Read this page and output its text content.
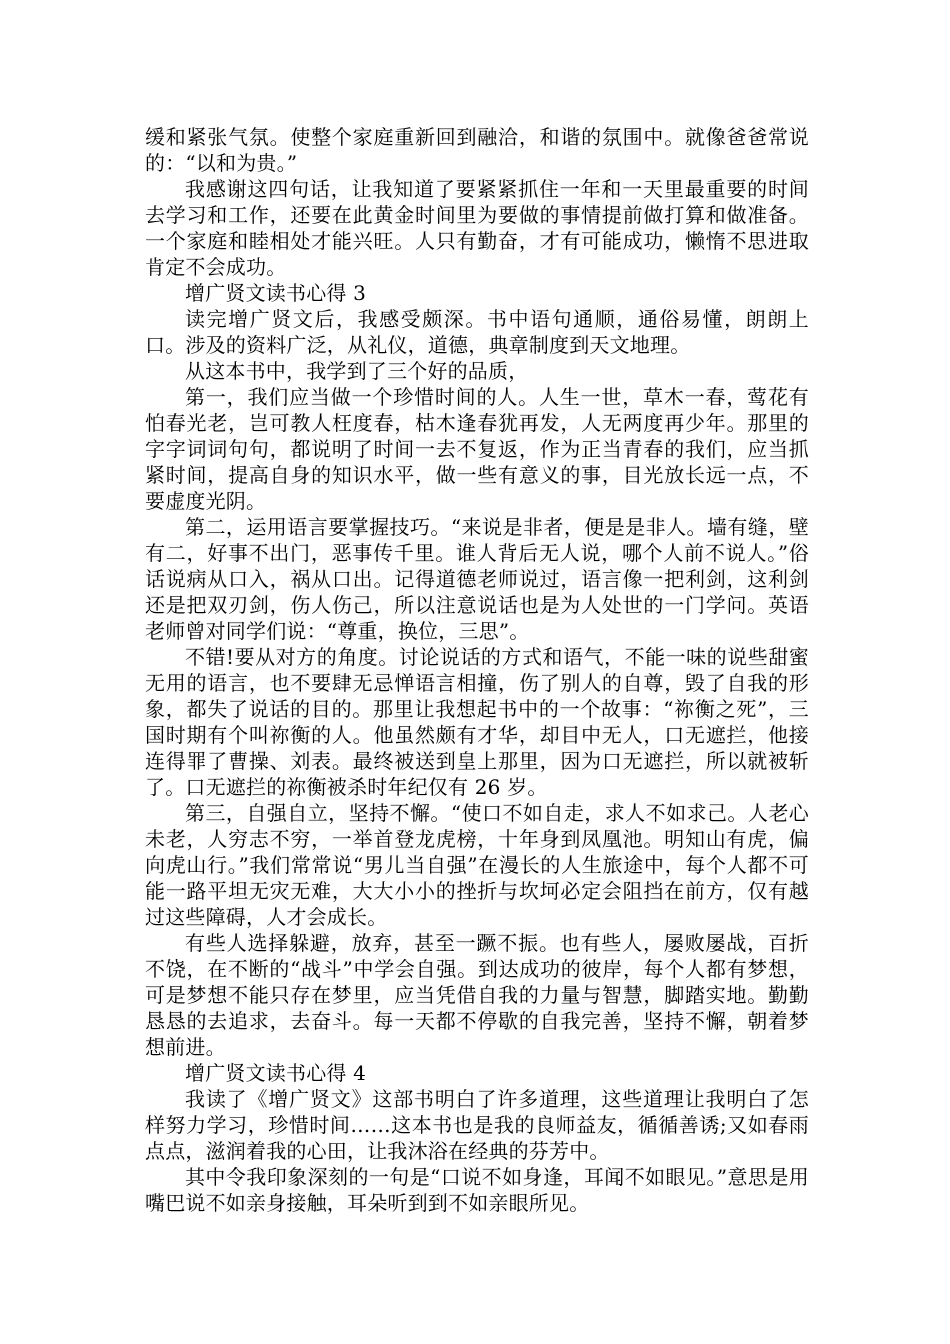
缓和紧张气氛。使整个家庭重新回到融洽，和谐的氛围中。就像爸爸常说的：“以和为贵。”

我感谢这四句话，让我知道了要紧紧抓住一年和一天里最重要的时间去学习和工作，还要在此黄金时间里为要做的事情提前做打算和做准备。一个家庭和睦相处才能兴旺。人只有勤奋，才有可能成功，懒惰不思进取肯定不会成功。

增广贤文读书心得 3

读完增广贤文后，我感受颇深。书中语句通顺，通俗易懂，朗朗上口。涉及的资料广泛，从礼仪，道德，典章制度到天文地理。

从这本书中，我学到了三个好的品质，

第一，我们应当做一个珍惜时间的人。人生一世，草木一春，莺花有怕春光老，岂可教人枉度春，枯木逢春犹再发，人无两度再少年。那里的字字词词句句，都说明了时间一去不复返，作为正当青春的我们，应当抓紧时间，提高自身的知识水平，做一些有意义的事，目光放长远一点，不要虚度光阴。

第二，运用语言要掌握技巧。“来说是非者，便是是非人。墙有缝，壁有二，好事不出门，恶事传千里。谁人背后无人说，哪个人前不说人。”俗话说病从口入，祸从口出。记得道德老师说过，语言像一把利剑，这利剑还是把双刃剑，伤人伤己，所以注意说话也是为人处世的一门学问。英语老师曾对同学们说：“尊重，换位，三思”。

不错!要从对方的角度。讨论说话的方式和语气，不能一味的说些甜蜜无用的语言，也不要肆无忌惮语言相撞，伤了别人的自尊，毁了自我的形象，都失了说话的目的。那里让我想起书中的一个故事：“祢衡之死”，三国时期有个叫祢衡的人。他虽然颇有才华，却目中无人，口无遮拦，他接连得罪了曹操、刘表。最终被送到皇上那里，因为口无遮拦，所以就被斩了。口无遮拦的祢衡被杀时年纪仅有 26 岁。

第三，自强自立，坚持不懈。“使口不如自走，求人不如求己。人老心未老，人穷志不穷，一举首登龙虎榜，十年身到凤凰池。明知山有虎，偏向虎山行。”我们常常说“男儿当自强”在漫长的人生旅途中，每个人都不可能一路平坦无灾无难，大大小小的挫折与坎坷必定会阻挡在前方，仅有越过这些障碍，人才会成长。

有些人选择躲避，放弃，甚至一蹶不振。也有些人，屡败屡战，百折不饶，在不断的“战斗”中学会自强。到达成功的彼岸，每个人都有梦想，可是梦想不能只存在梦里，应当凭借自我的力量与智慧，脚踏实地。勤勤恳恳的去追求，去奋斗。每一天都不停歇的自我完善，坚持不懈，朝着梦想前进。

增广贤文读书心得 4

我读了《增广贤文》这部书明白了许多道理，这些道理让我明白了怎样努力学习，珍惜时间……这本书也是我的良师益友，循循善诱;又如春雨点点，滋润着我的心田，让我沐浴在经典的芬芳中。

其中令我印象深刻的一句是“口说不如身逢，耳闻不如眼见。”意思是用嘴巴说不如亲身接触，耳朵听到到不如亲眼所见。
